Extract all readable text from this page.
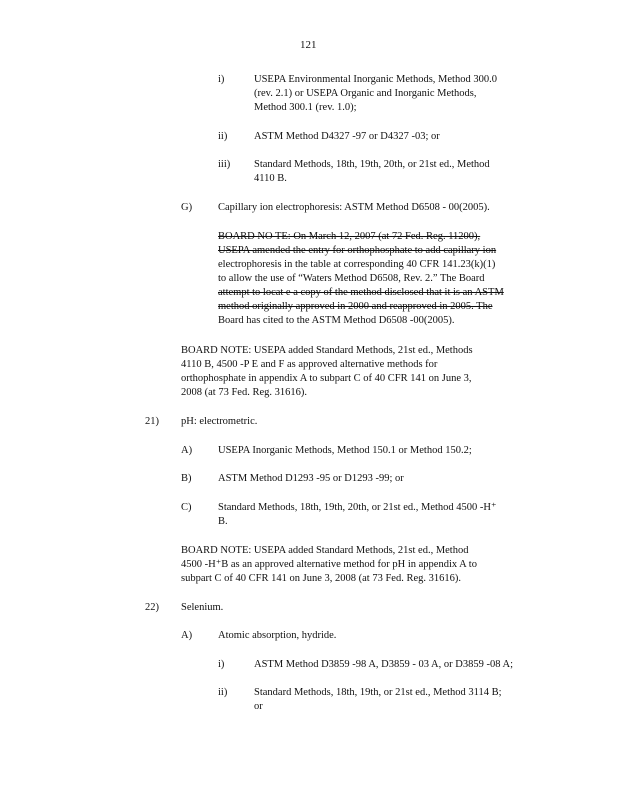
121
i)	USEPA Environmental Inorganic Methods, Method 300.0
(rev. 2.1) or USEPA Organic and Inorganic Methods,
Method 300.1 (rev. 1.0);
ii)	ASTM Method D4327 -97 or D4327 -03; or
iii) Standard Methods, 18th, 19th, 20th, or 21st ed., Method
4110 B.
G) Capillary ion electrophoresis: ASTM Method D6508 - 00(2005).
BOARD NO TE: On March 12, 2007 (at 72 Fed. Reg. 11200),
USEPA amended the entry for orthophosphate to add capillary ion
electrophoresis in the table at corresponding 40 CFR 141.23(k)(1)
to allow the use of “Waters Method D6508, Rev. 2.” The Board
attempt to locat e a copy of the method disclosed that it is an ASTM
method originally approved in 2000 and reapproved in 2005. The
Board has cited to the ASTM Method D6508 -00(2005).
BOARD NOTE: USEPA added Standard Methods, 21st ed., Methods
4110 B, 4500 -P E and F as approved alternative methods for
orthophosphate in appendix A to subpart C of 40 CFR 141 on June 3,
2008 (at 73 Fed. Reg. 31616).
21) pH: electrometric.
A) USEPA Inorganic Methods, Method 150.1 or Method 150.2;
B)	ASTM Method D1293 -95 or D1293 -99; or
C)	Standard Methods, 18th, 19th, 20th, or 21st ed., Method 4500 -H⁺
B.
BOARD NOTE: USEPA added Standard Methods, 21st ed., Method
4500 -H⁺B as an approved alternative method for pH in appendix A to
subpart C of 40 CFR 141 on June 3, 2008 (at 73 Fed. Reg. 31616).
22) Selenium.
A) Atomic absorption, hydride.
i)	ASTM Method D3859 -98 A, D3859 - 03 A, or D3859 -08 A;
ii)	Standard Methods, 18th, 19th, or 21st ed., Method 3114 B;
or
